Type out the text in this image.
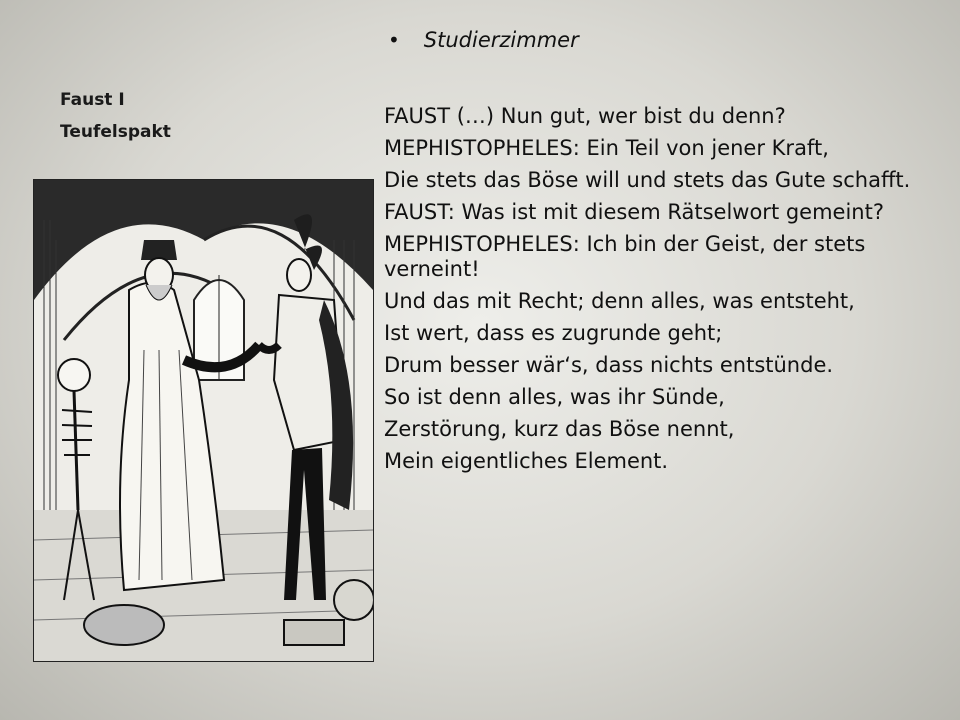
Faust I
Teufelspakt
• Studierzimmer

FAUST (…) Nun gut, wer bist du denn?

MEPHISTOPHELES: Ein Teil von jener Kraft,

Die stets das Böse will und stets das Gute schafft.

FAUST: Was ist mit diesem Rätselwort gemeint?

MEPHISTOPHELES: Ich bin der Geist, der stets verneint!

Und das mit Recht; denn alles, was entsteht,

Ist wert, dass es zugrunde geht;

Drum besser wär‘s, dass nichts entstünde.

So ist denn alles, was ihr Sünde,

Zerstörung, kurz das Böse nennt,

Mein eigentliches Element.
